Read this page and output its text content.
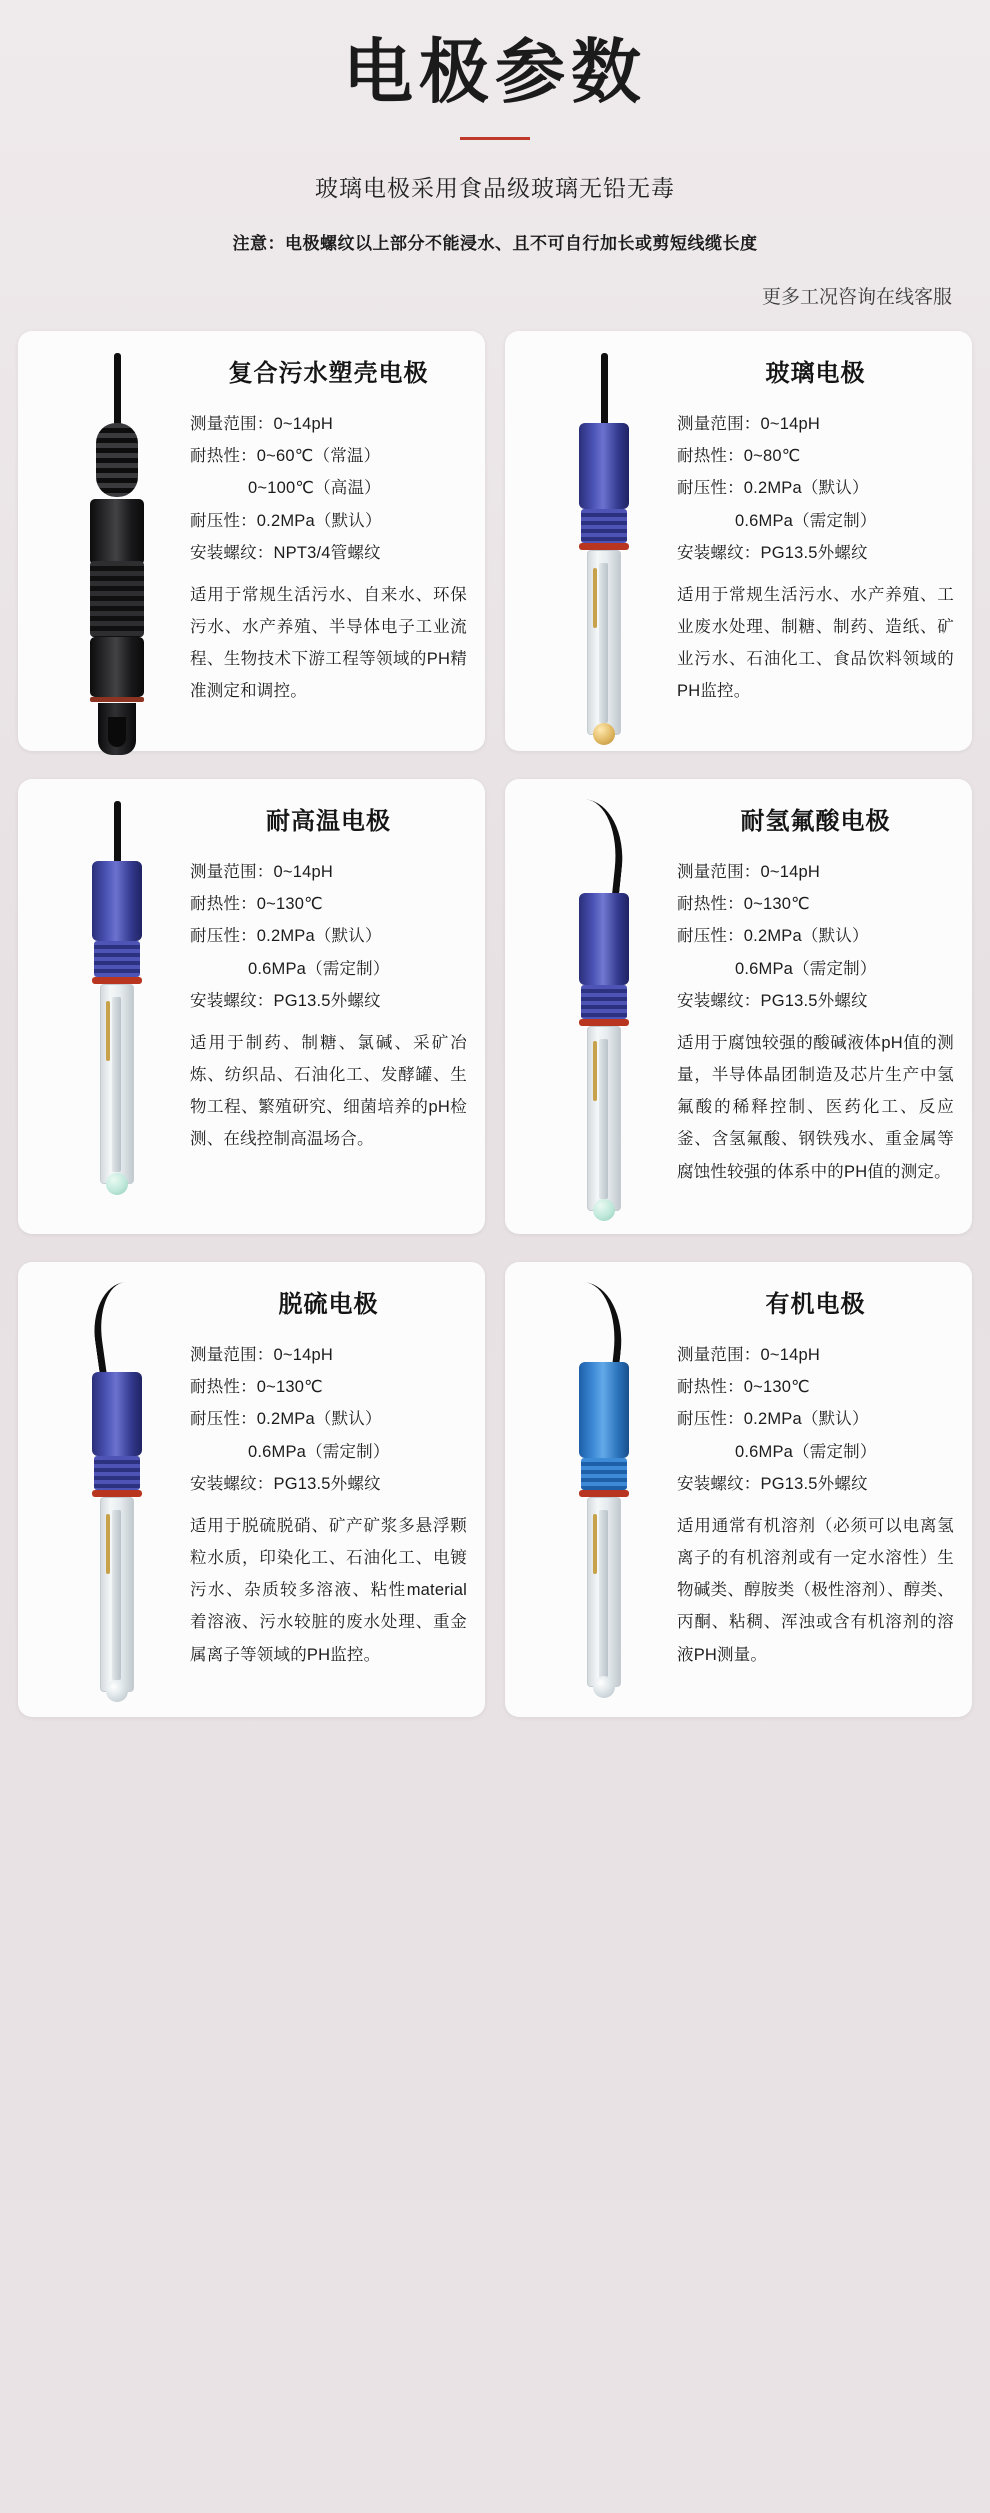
电极参数
玻璃电极采用食品级玻璃无铅无毒
注意：电极螺纹以上部分不能浸水、且不可自行加长或剪短线缆长度
更多工况咨询在线客服
复合污水塑壳电极
测量范围：0~14pH
耐热性：0~60℃（常温）
0~100℃（高温）
耐压性：0.2MPa（默认）
安装螺纹：NPT3/4管螺纹
适用于常规生活污水、自来水、环保污水、水产养殖、半导体电子工业流程、生物技术下游工程等领域的PH精准测定和调控。
玻璃电极
测量范围：0~14pH
耐热性：0~80℃
耐压性：0.2MPa（默认）
0.6MPa（需定制）
安装螺纹：PG13.5外螺纹
适用于常规生活污水、水产养殖、工业废水处理、制糖、制药、造纸、矿业污水、石油化工、食品饮料领域的PH监控。
耐高温电极
测量范围：0~14pH
耐热性：0~130℃
耐压性：0.2MPa（默认）
0.6MPa（需定制）
安装螺纹：PG13.5外螺纹
适用于制药、制糖、氯碱、采矿冶炼、纺织品、石油化工、发酵罐、生物工程、繁殖研究、细菌培养的pH检测、在线控制高温场合。
耐氢氟酸电极
测量范围：0~14pH
耐热性：0~130℃
耐压性：0.2MPa（默认）
0.6MPa（需定制）
安装螺纹：PG13.5外螺纹
适用于腐蚀较强的酸碱液体pH值的测量，半导体晶团制造及芯片生产中氢氟酸的稀释控制、医药化工、反应釜、含氢氟酸、钢铁残水、重金属等腐蚀性较强的体系中的PH值的测定。
脱硫电极
测量范围：0~14pH
耐热性：0~130℃
耐压性：0.2MPa（默认）
0.6MPa（需定制）
安装螺纹：PG13.5外螺纹
适用于脱硫脱硝、矿产矿浆多悬浮颗粒水质，印染化工、石油化工、电镀污水、杂质较多溶液、粘性material着溶液、污水较脏的废水处理、重金属离子等领域的PH监控。
有机电极
测量范围：0~14pH
耐热性：0~130℃
耐压性：0.2MPa（默认）
0.6MPa（需定制）
安装螺纹：PG13.5外螺纹
适用通常有机溶剂（必须可以电离氢离子的有机溶剂或有一定水溶性）生物碱类、醇胺类（极性溶剂）、醇类、丙酮、粘稠、浑浊或含有机溶剂的溶液PH测量。
